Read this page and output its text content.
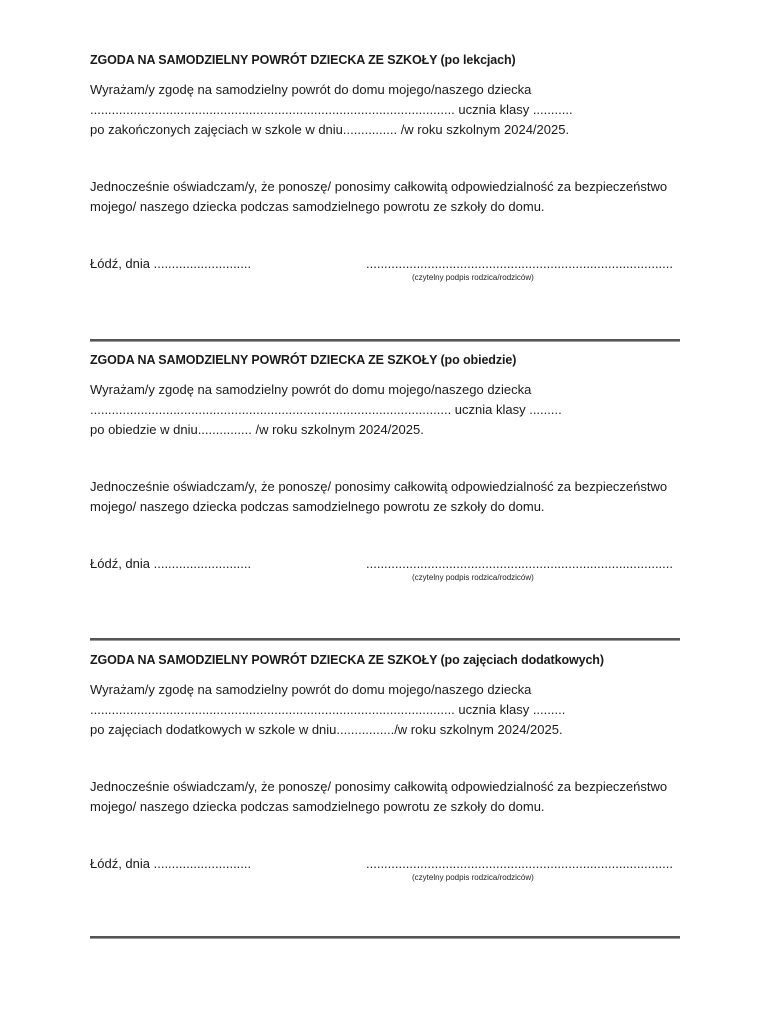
ZGODA NA SAMODZIELNY POWRÓT DZIECKA ZE SZKOŁY (po lekcjach)
Wyrażam/y zgodę na samodzielny powrót do domu mojego/naszego dziecka
..................................................................................................... ucznia klasy ...........
po zakończonych zajęciach w szkole w dniu............... /w roku szkolnym 2024/2025.
Jednocześnie oświadczam/y, że ponoszę/ ponosimy całkowitą odpowiedzialność za bezpieczeństwo mojego/ naszego dziecka podczas samodzielnego powrotu ze szkoły do domu.
Łódź, dnia ...........................	.....................................................................................
(czytelny podpis rodzica/rodziców)
ZGODA NA SAMODZIELNY POWRÓT DZIECKA ZE SZKOŁY (po obiedzie)
Wyrażam/y zgodę na samodzielny powrót do domu mojego/naszego dziecka
.................................................................................................... ucznia klasy .........
po obiedzie w dniu............... /w roku szkolnym 2024/2025.
Jednocześnie oświadczam/y, że ponoszę/ ponosimy całkowitą odpowiedzialność za bezpieczeństwo mojego/ naszego dziecka podczas samodzielnego powrotu ze szkoły do domu.
Łódź, dnia ...........................	.....................................................................................
(czytelny podpis rodzica/rodziców)
ZGODA NA SAMODZIELNY POWRÓT DZIECKA ZE SZKOŁY (po zajęciach dodatkowych)
Wyrażam/y zgodę na samodzielny powrót do domu mojego/naszego dziecka
..................................................................................................... ucznia klasy .........
po zajęciach dodatkowych w szkole w dniu................/w roku szkolnym 2024/2025.
Jednocześnie oświadczam/y, że ponoszę/ ponosimy całkowitą odpowiedzialność za bezpieczeństwo mojego/ naszego dziecka podczas samodzielnego powrotu ze szkoły do domu.
Łódź, dnia ...........................	.....................................................................................
(czytelny podpis rodzica/rodziców)
